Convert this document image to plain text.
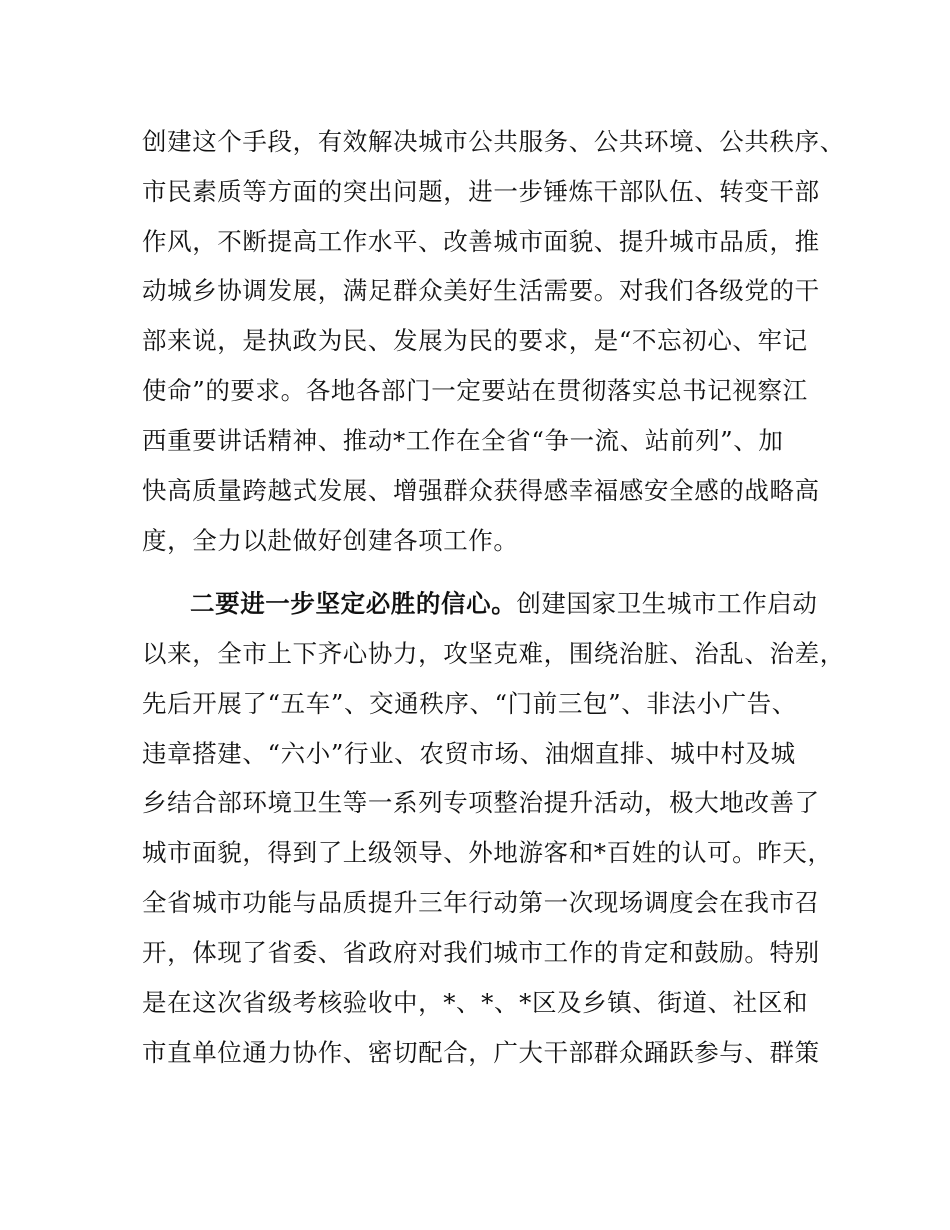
创建这个手段，有效解决城市公共服务、公共环境、公共秩序、
市民素质等方面的突出问题，进一步锤炼干部队伍、转变干部
作风，不断提高工作水平、改善城市面貌、提升城市品质，推
动城乡协调发展，满足群众美好生活需要。对我们各级党的干
部来说，是执政为民、发展为民的要求，是“不忘初心、牢记
使命”的要求。各地各部门一定要站在贯彻落实总书记视察江
西重要讲话精神、推动*工作在全省“争一流、站前列”、加
快高质量跨越式发展、增强群众获得感幸福感安全感的战略高
度，全力以赴做好创建各项工作。
二要进一步坚定必胜的信心。创建国家卫生城市工作启动
以来，全市上下齐心协力，攻坚克难，围绕治脏、治乱、治差，
先后开展了“五车”、交通秩序、“门前三包”、非法小广告、
违章搭建、“六小”行业、农贸市场、油烟直排、城中村及城
乡结合部环境卫生等一系列专项整治提升活动，极大地改善了
城市面貌，得到了上级领导、外地游客和*百姓的认可。昨天，
全省城市功能与品质提升三年行动第一次现场调度会在我市召
开，体现了省委、省政府对我们城市工作的肯定和鼓励。特别
是在这次省级考核验收中，*、*、*区及乡镇、街道、社区和
市直单位通力协作、密切配合，广大干部群众踊跃参与、群策
